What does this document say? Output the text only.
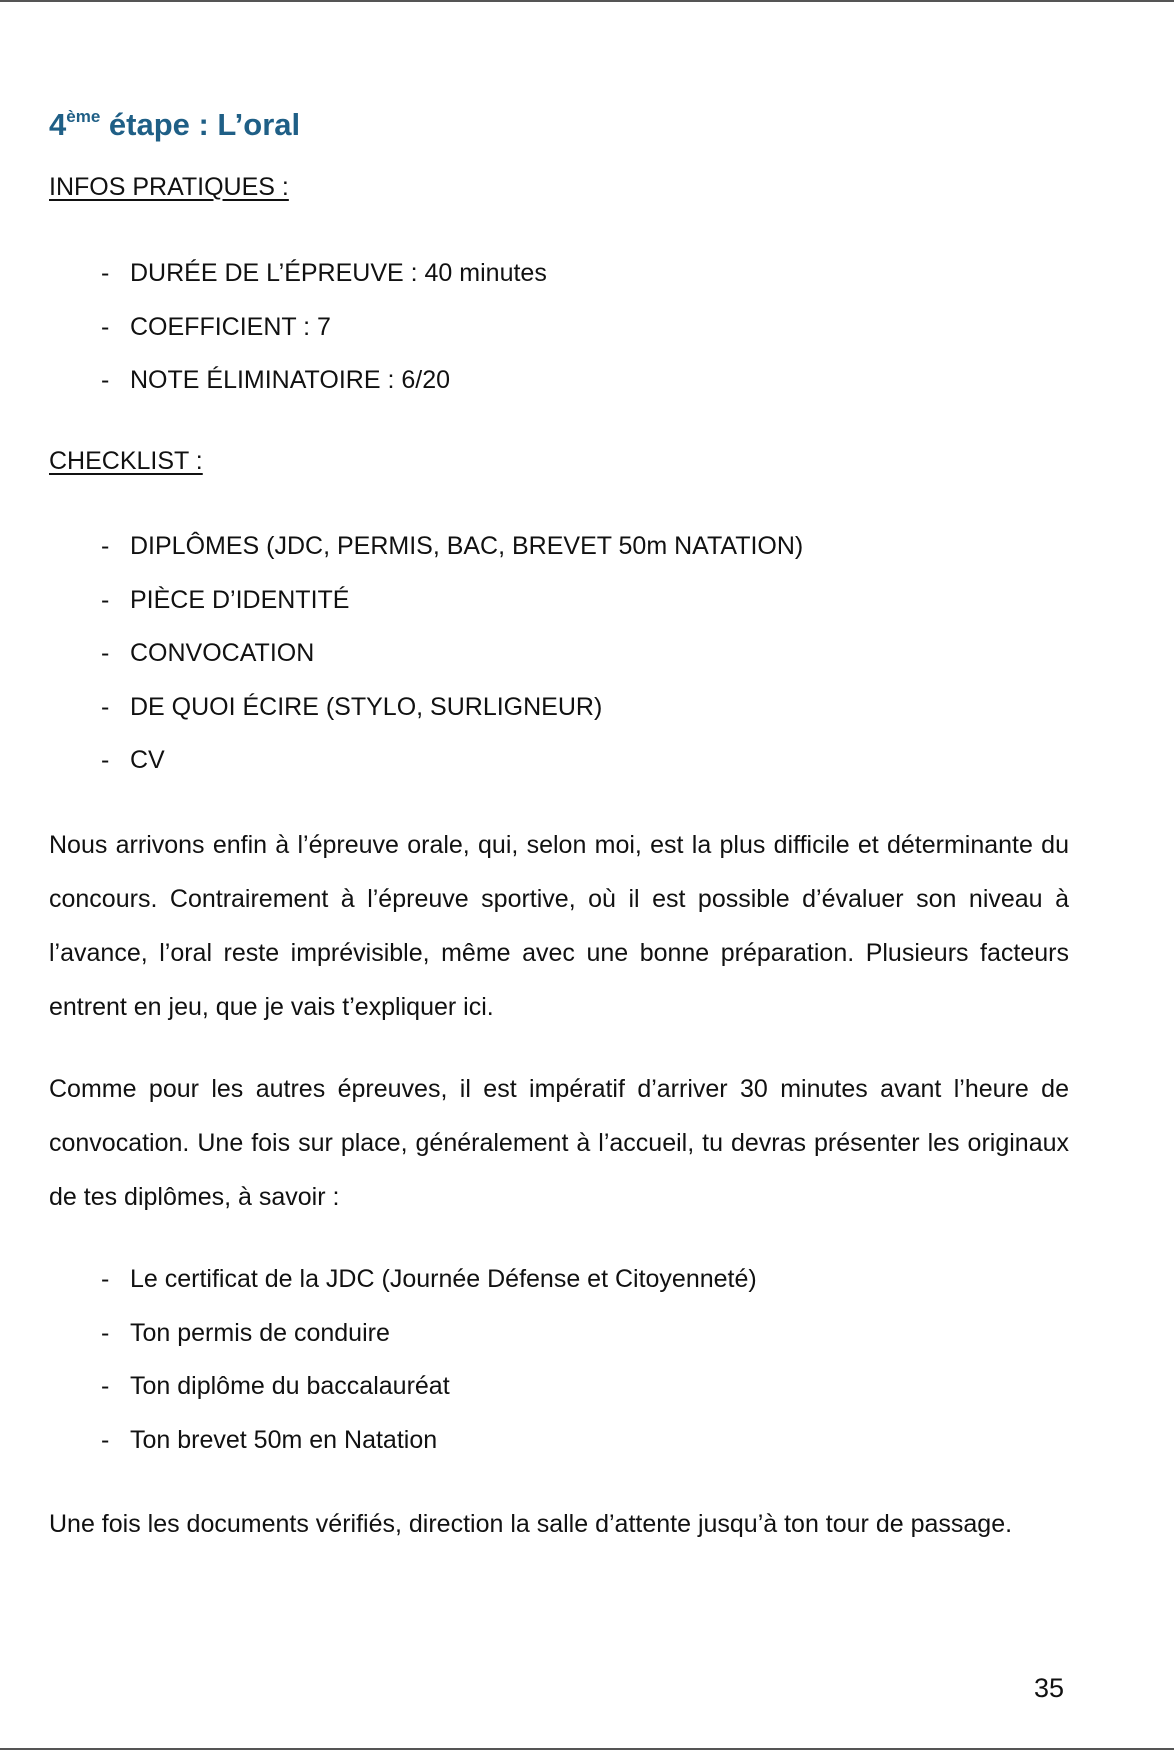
4ème étape : L’oral
INFOS PRATIQUES :
- DURÉE DE L’ÉPREUVE : 40 minutes
- COEFFICIENT : 7
- NOTE ÉLIMINATOIRE : 6/20
CHECKLIST :
- DIPLÔMES (JDC, PERMIS, BAC, BREVET 50m NATATION)
- PIÈCE D’IDENTITÉ
- CONVOCATION
- DE QUOI ÉCIRE (STYLO, SURLIGNEUR)
- CV

Nous arrivons enfin à l’épreuve orale, qui, selon moi, est la plus difficile et déterminante du concours. Contrairement à l’épreuve sportive, où il est possible d’évaluer son niveau à l’avance, l’oral reste imprévisible, même avec une bonne préparation. Plusieurs facteurs entrent en jeu, que je vais t’expliquer ici.

Comme pour les autres épreuves, il est impératif d’arriver 30 minutes avant l’heure de convocation. Une fois sur place, généralement à l’accueil, tu devras présenter les originaux de tes diplômes, à savoir :

- Le certificat de la JDC (Journée Défense et Citoyenneté)
- Ton permis de conduire
- Ton diplôme du baccalauréat
- Ton brevet 50m en Natation

Une fois les documents vérifiés, direction la salle d’attente jusqu’à ton tour de passage.

35
